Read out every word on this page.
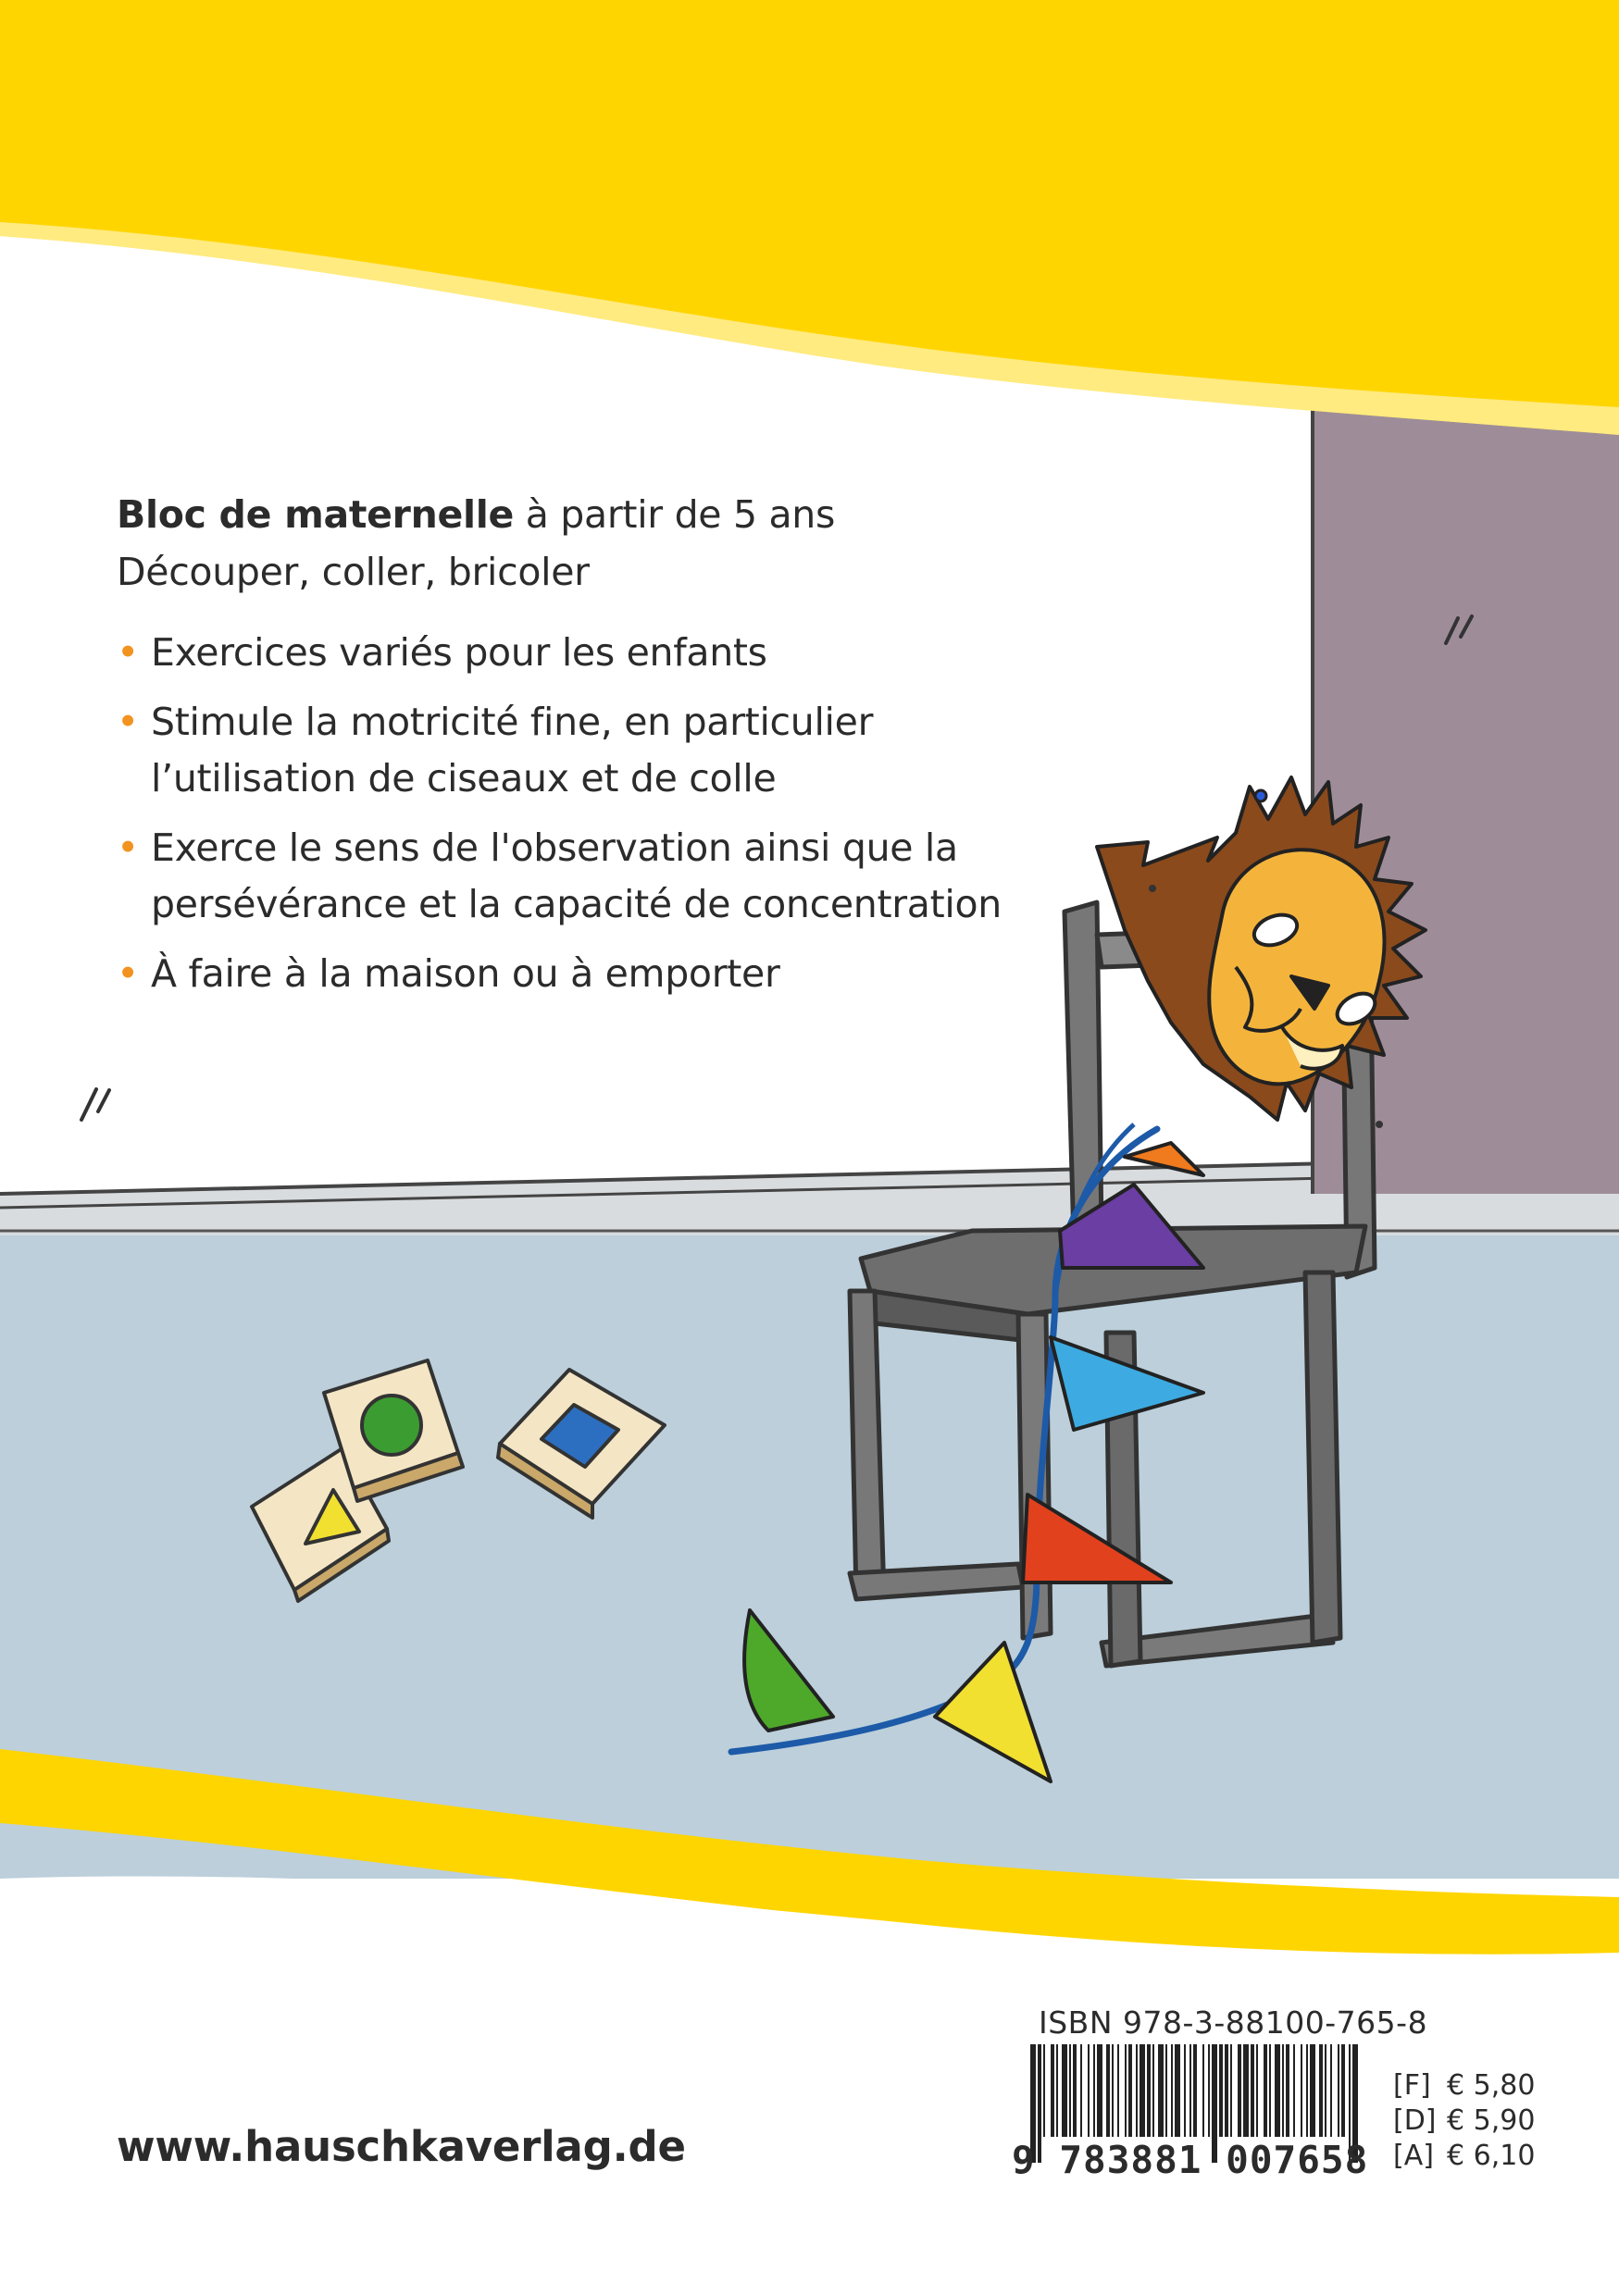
Bloc de maternelle à partir de 5 ans
Découper, coller, bricoler
• Exercices variés pour les enfants
• Stimule la motricité fine, en particulier
l’utilisation de ciseaux et de colle
• Exerce le sens de l'observation ainsi que la
persévérance et la capacité de concentration
• À faire à la maison ou à emporter
www.hauschkaverlag.de
ISBN 978-3-88100-765-8
9 783881 007658
[F] € 5,80
[D] € 5,90
[A] € 6,10
